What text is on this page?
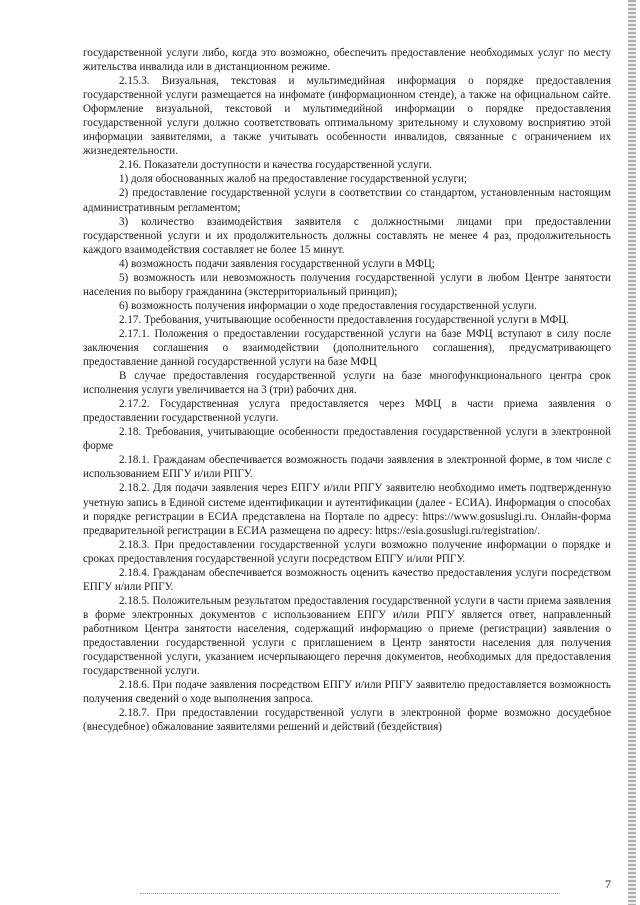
государственной услуги либо, когда это возможно, обеспечить предоставление необходимых услуг по месту жительства инвалида или в дистанционном режиме.

2.15.3. Визуальная, текстовая и мультимедийная информация о порядке предоставления государственной услуги размещается на инфомате (информационном стенде), а также на официальном сайте. Оформление визуальной, текстовой и мультимедийной информации о порядке предоставления государственной услуги должно соответствовать оптимальному зрительному и слуховому восприятию этой информации заявителями, а также учитывать особенности инвалидов, связанные с ограничением их жизнедеятельности.

2.16. Показатели доступности и качества государственной услуги.

1) доля обоснованных жалоб на предоставление государственной услуги;

2) предоставление государственной услуги в соответствии со стандартом, установленным настоящим административным регламентом;

3) количество взаимодействия заявителя с должностными лицами при предоставлении государственной услуги и их продолжительность должны составлять не менее 4 раз, продолжительность каждого взаимодействия составляет не более 15 минут.

4) возможность подачи заявления государственной услуги в МФЦ;

5) возможность или невозможность получения государственной услуги в любом Центре занятости населения по выбору гражданина (экстерриториальный принцип);

6) возможность получения информации о ходе предоставления государственной услуги.

2.17. Требования, учитывающие особенности предоставления государственной услуги в МФЦ.

2.17.1. Положения о предоставлении государственной услуги на базе МФЦ вступают в силу после заключения соглашения о взаимодействии (дополнительного соглашения), предусматривающего предоставление данной государственной услуги на базе МФЦ

В случае предоставления государственной услуги на базе многофункционального центра срок исполнения услуги увеличивается на 3 (три) рабочих дня.

2.17.2. Государственная услуга предоставляется через МФЦ в части приема заявления о предоставлении государственной услуги.

2.18. Требования, учитывающие особенности предоставления государственной услуги в электронной форме

2.18.1. Гражданам обеспечивается возможность подачи заявления в электронной форме, в том числе с использованием ЕПГУ и/или РПГУ.

2.18.2. Для подачи заявления через ЕПГУ и/или РПГУ заявителю необходимо иметь подтвержденную учетную запись в Единой системе идентификации и аутентификации (далее - ЕСИА). Информация о способах и порядке регистрации в ЕСИА представлена на Портале по адресу: https://www.gosuslugi.ru. Онлайн-форма предварительной регистрации в ЕСИА размещена по адресу: https://esia.gosuslugi.ru/registration/.

2.18.3. При предоставлении государственной услуги возможно получение информации о порядке и сроках предоставления государственной услуги посредством ЕПГУ и/или РПГУ.

2.18.4. Гражданам обеспечивается возможность оценить качество предоставления услуги посредством ЕПГУ и/или РПГУ.

2.18.5. Положительным результатом предоставления государственной услуги в части приема заявления в форме электронных документов с использованием ЕПГУ и/или РПГУ является ответ, направленный работником Центра занятости населения, содержащий информацию о приеме (регистрации) заявления о предоставлении государственной услуги с приглашением в Центр занятости населения для получения государственной услуги, указанием исчерпывающего перечня документов, необходимых для предоставления государственной услуги.

2.18.6. При подаче заявления посредством ЕПГУ и/или РПГУ заявителю предоставляется возможность получения сведений о ходе выполнения запроса.

2.18.7. При предоставлении государственной услуги в электронной форме возможно досудебное (внесудебное) обжалование заявителями решений и действий (бездействия)

7
